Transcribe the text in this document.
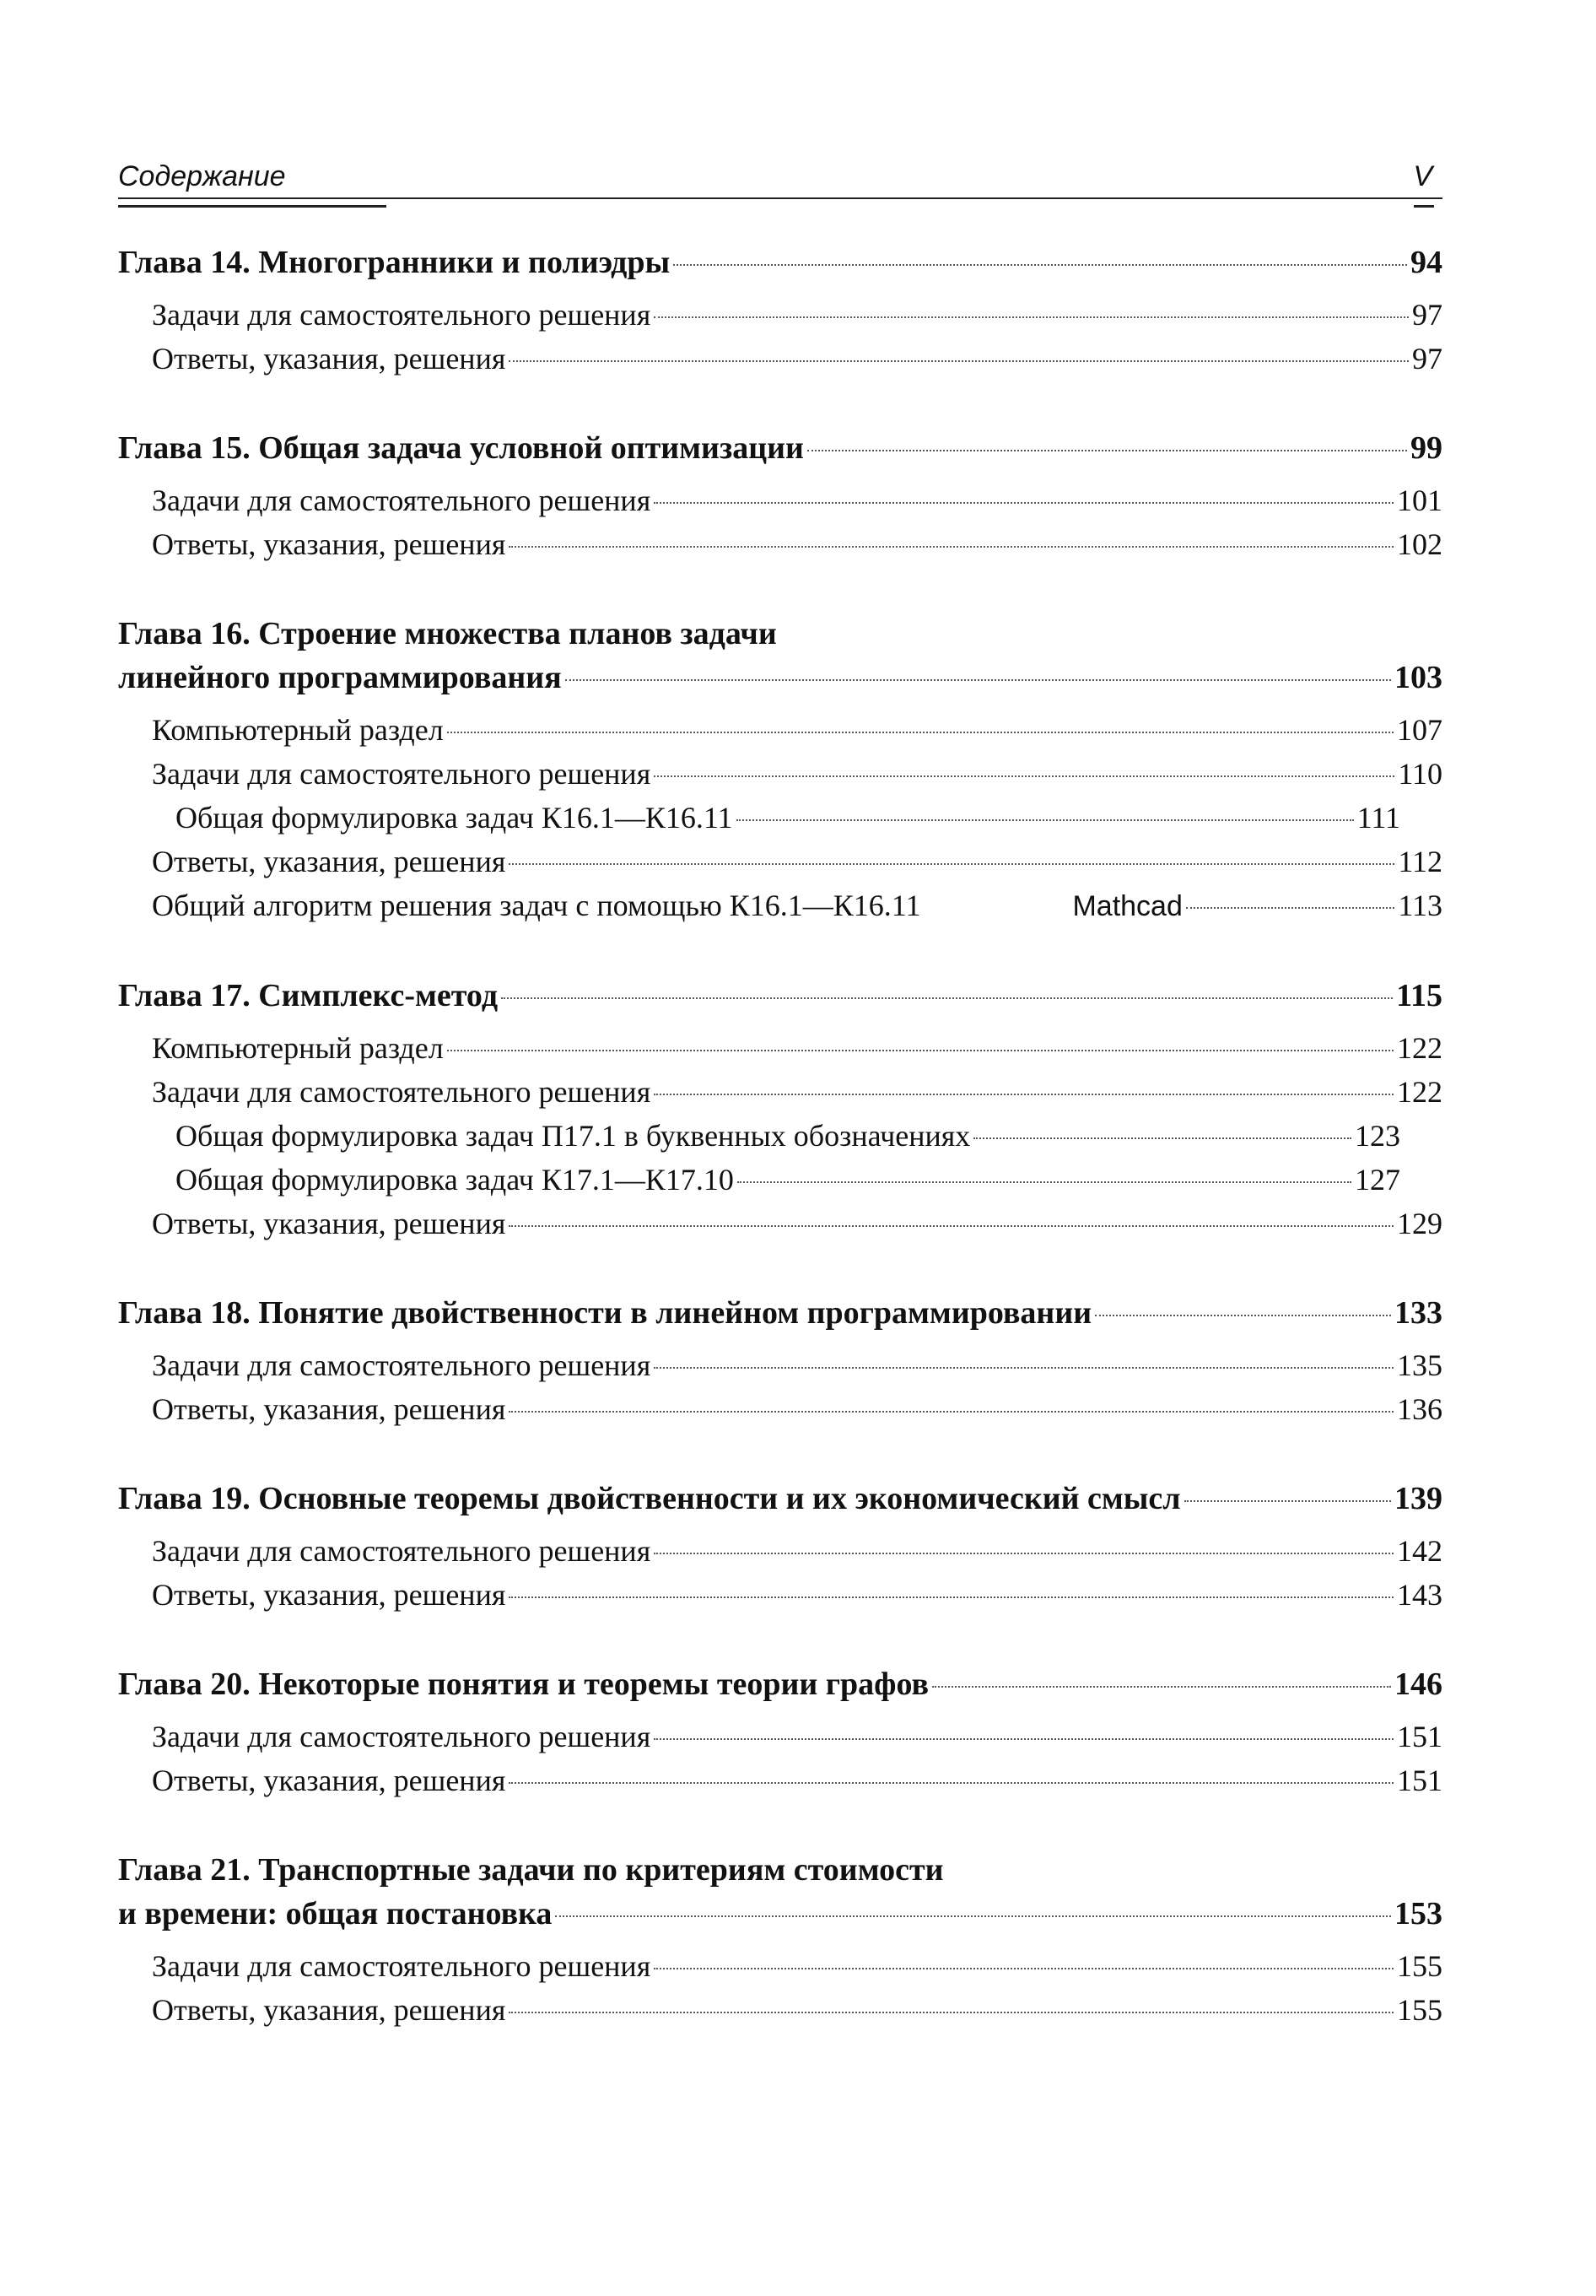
Содержание	V
Глава 14. Многогранники и полиэдры	94
Задачи для самостоятельного решения	97
Ответы, указания, решения	97
Глава 15. Общая задача условной оптимизации	99
Задачи для самостоятельного решения	101
Ответы, указания, решения	102
Глава 16. Строение множества планов задачи
линейного программирования	103
Компьютерный раздел	107
Задачи для самостоятельного решения	110
Общая формулировка задач К16.1—К16.11	111
Ответы, указания, решения	112
Общий алгоритм решения задач с помощью К16.1—К16.11	Mathcad	113
Глава 17. Симплекс-метод	115
Компьютерный раздел	122
Задачи для самостоятельного решения	122
Общая формулировка задач П17.1 в буквенных обозначениях	123
Общая формулировка задач К17.1—К17.10	127
Ответы, указания, решения	129
Глава 18. Понятие двойственности в линейном программировании	133
Задачи для самостоятельного решения	135
Ответы, указания, решения	136
Глава 19. Основные теоремы двойственности и их экономический смысл	139
Задачи для самостоятельного решения	142
Ответы, указания, решения	143
Глава 20. Некоторые понятия и теоремы теории графов	146
Задачи для самостоятельного решения	151
Ответы, указания, решения	151
Глава 21. Транспортные задачи по критериям стоимости
и времени: общая постановка	153
Задачи для самостоятельного решения	155
Ответы, указания, решения	155
